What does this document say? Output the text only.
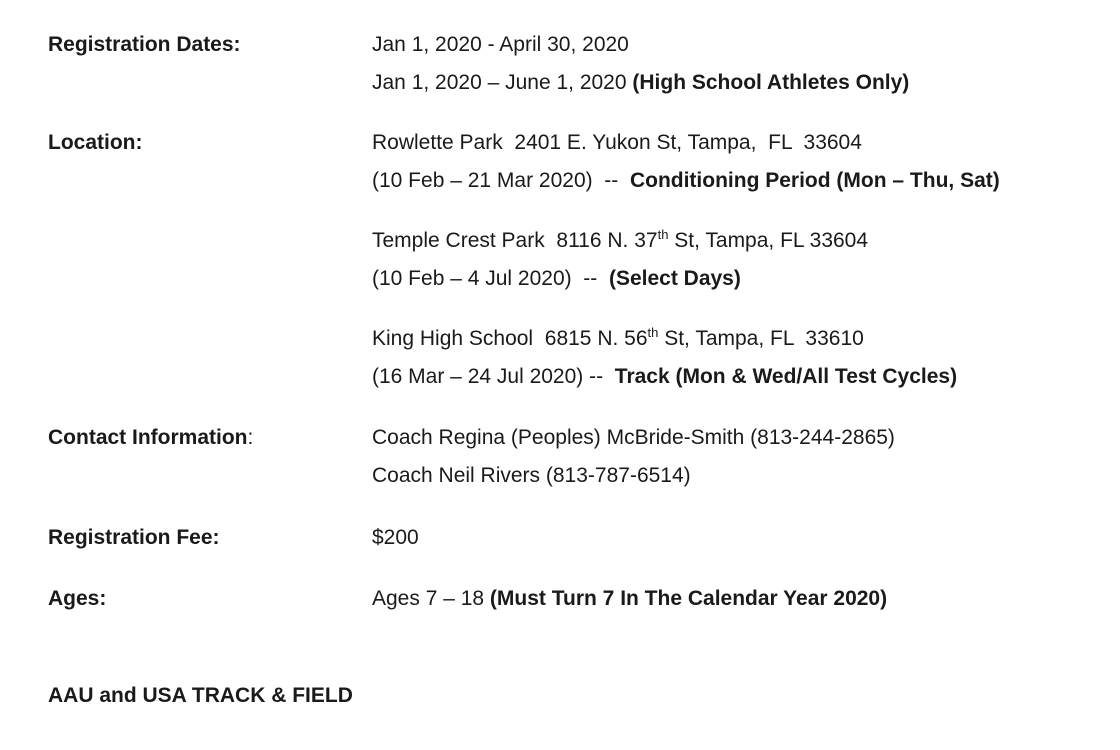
Registration Dates:	Jan 1, 2020 - April 30, 2020
Jan 1, 2020 – June 1, 2020 (High School Athletes Only)
Location:	Rowlette Park  2401 E. Yukon St, Tampa,  FL  33604
(10 Feb – 21 Mar 2020)  --  Conditioning Period (Mon – Thu, Sat)
Temple Crest Park  8116 N. 37th St, Tampa, FL 33604
(10 Feb – 4 Jul 2020)  --  (Select Days)
King High School  6815 N. 56th St, Tampa, FL  33610
(16 Mar – 24 Jul 2020) --  Track (Mon & Wed/All Test Cycles)
Contact Information:	Coach Regina (Peoples) McBride-Smith (813-244-2865)
Coach Neil Rivers (813-787-6514)
Registration Fee:	$200
Ages:	Ages 7 – 18 (Must Turn 7 In The Calendar Year 2020)
AAU and USA TRACK & FIELD
